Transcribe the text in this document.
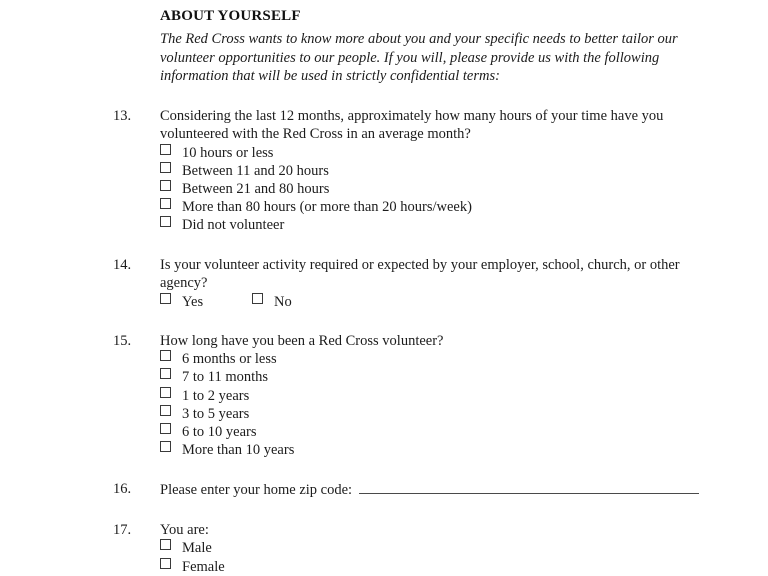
ABOUT YOURSELF
The Red Cross wants to know more about you and your specific needs to better tailor our volunteer opportunities to our people. If you will, please provide us with the following information that will be used in strictly confidential terms:
13.	Considering the last 12 months, approximately how many hours of your time have you volunteered with the Red Cross in an average month?
10 hours or less
Between 11 and 20 hours
Between 21 and 80 hours
More than 80 hours (or more than 20 hours/week)
Did not volunteer
14.	Is your volunteer activity required or expected by your employer, school, church, or other agency?
Yes	No
15.	How long have you been a Red Cross volunteer?
6 months or less
7 to 11 months
1 to 2 years
3 to 5 years
6 to 10 years
More than 10 years
16.	Please enter your home zip code:
17.	You are:
Male
Female
